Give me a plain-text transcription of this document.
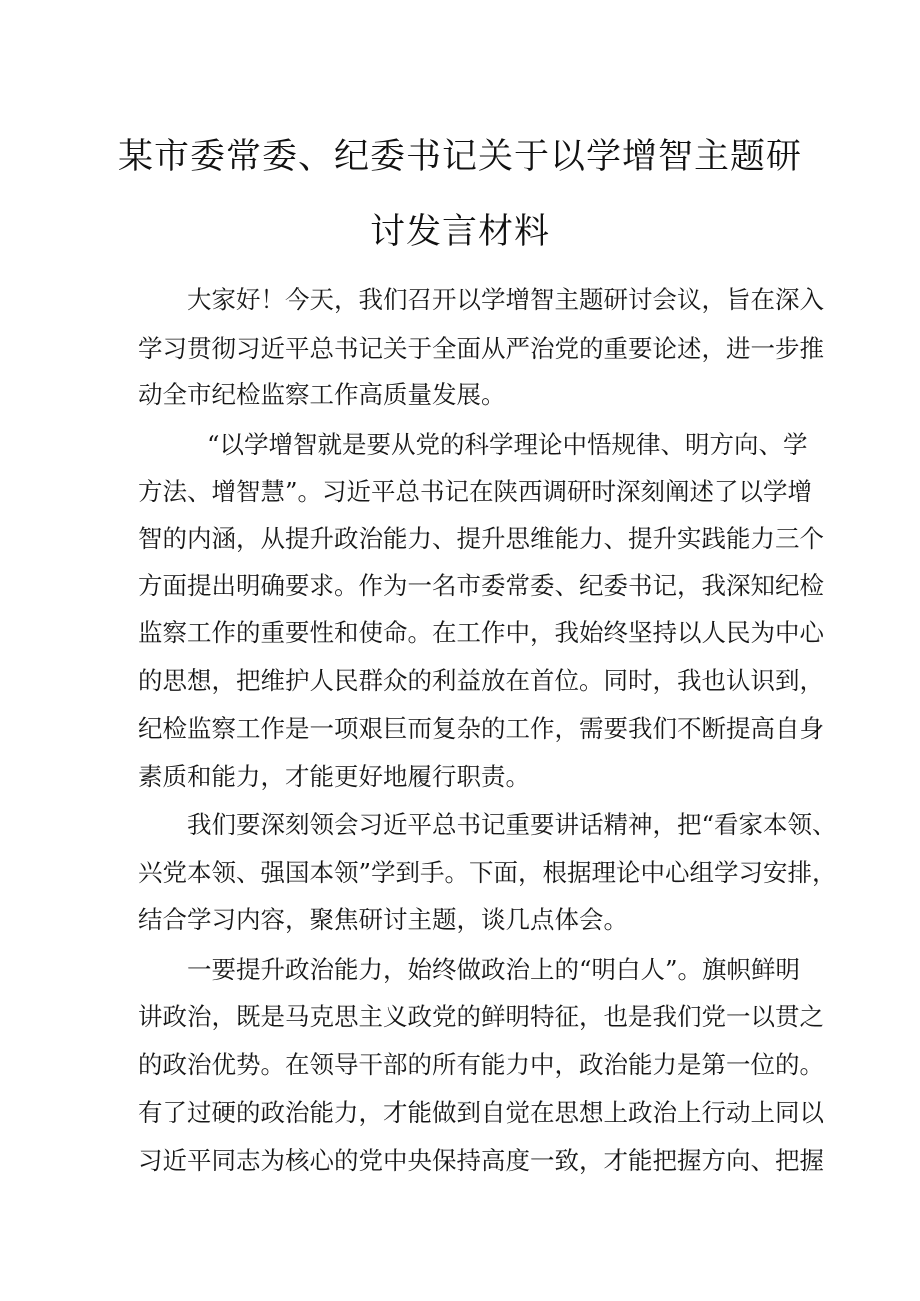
某市委常委、纪委书记关于以学增智主题研
讨发言材料
大家好！今天，我们召开以学增智主题研讨会议，旨在深入
学习贯彻习近平总书记关于全面从严治党的重要论述，进一步推
动全市纪检监察工作高质量发展。
“以学增智就是要从党的科学理论中悟规律、明方向、学
方法、增智慧”。习近平总书记在陕西调研时深刻阐述了以学增
智的内涵，从提升政治能力、提升思维能力、提升实践能力三个
方面提出明确要求。作为一名市委常委、纪委书记，我深知纪检
监察工作的重要性和使命。在工作中，我始终坚持以人民为中心
的思想，把维护人民群众的利益放在首位。同时，我也认识到，
纪检监察工作是一项艰巨而复杂的工作，需要我们不断提高自身
素质和能力，才能更好地履行职责。
我们要深刻领会习近平总书记重要讲话精神，把“看家本领、
兴党本领、强国本领”学到手。下面，根据理论中心组学习安排，
结合学习内容，聚焦研讨主题，谈几点体会。
一要提升政治能力，始终做政治上的“明白人”。旗帜鲜明
讲政治，既是马克思主义政党的鲜明特征，也是我们党一以贯之
的政治优势。在领导干部的所有能力中，政治能力是第一位的。
有了过硬的政治能力，才能做到自觉在思想上政治上行动上同以
习近平同志为核心的党中央保持高度一致，才能把握方向、把握
